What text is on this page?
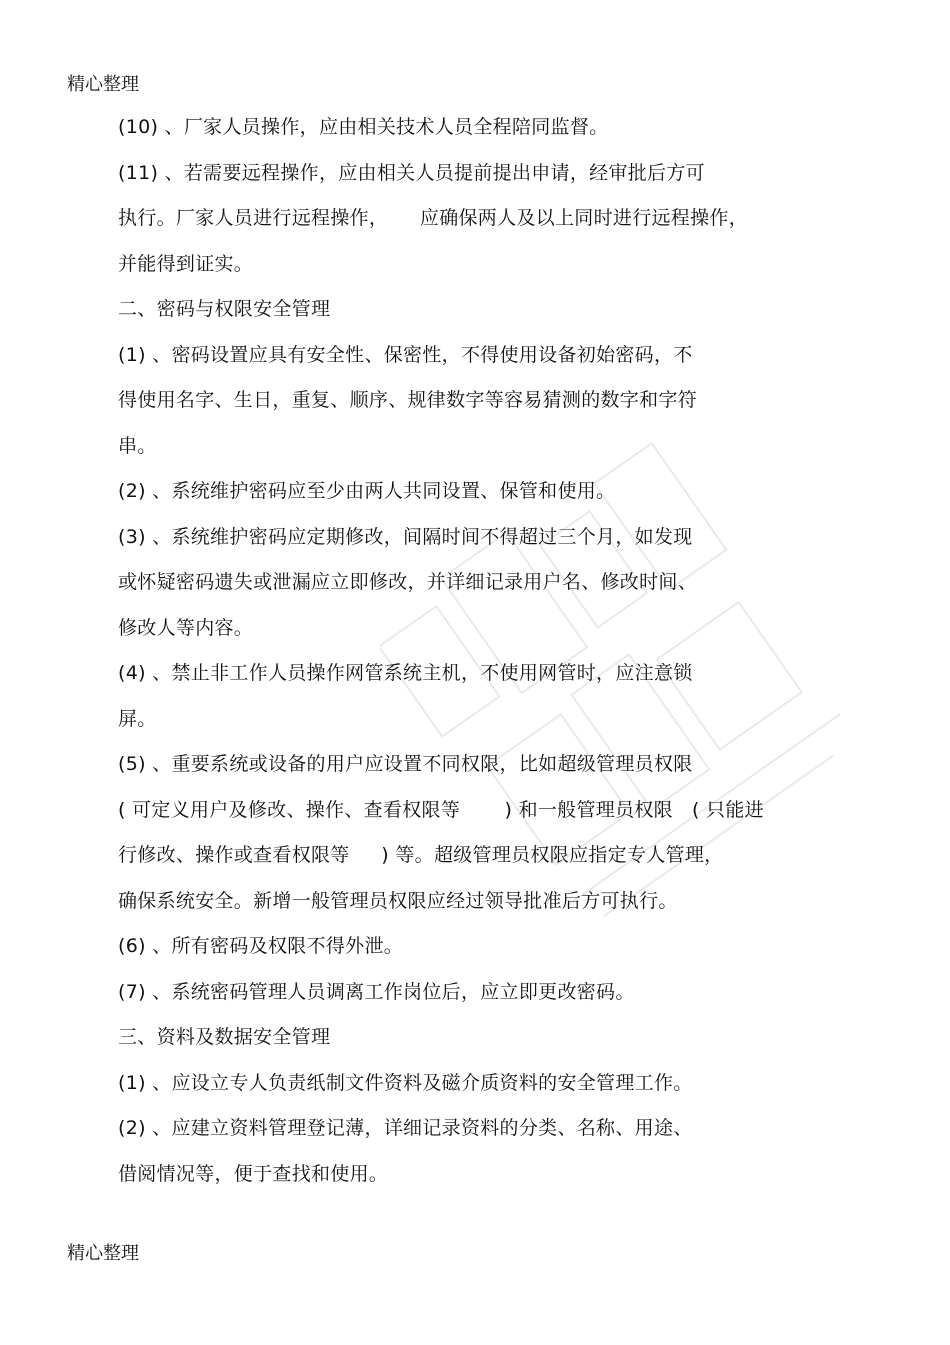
精心整理
(10) 、厂家人员操作，应由相关技术人员全程陪同监督。
(11) 、若需要远程操作，应由相关人员提前提出申请，经审批后方可
执行。厂家人员进行远程操作，     应确保两人及以上同时进行远程操作，
并能得到证实。
二、密码与权限安全管理
(1) 、密码设置应具有安全性、保密性，不得使用设备初始密码，不
得使用名字、生日，重复、顺序、规律数字等容易猜测的数字和字符
串。
(2) 、系统维护密码应至少由两人共同设置、保管和使用。
(3) 、系统维护密码应定期修改，间隔时间不得超过三个月，如发现
或怀疑密码遗失或泄漏应立即修改，并详细记录用户名、修改时间、
修改人等内容。
(4) 、禁止非工作人员操作网管系统主机，不使用网管时，应注意锁
屏。
(5) 、重要系统或设备的用户应设置不同权限，比如超级管理员权限
( 可定义用户及修改、操作、查看权限等       ) 和一般管理员权限   ( 只能进
行修改、操作或查看权限等     ) 等。超级管理员权限应指定专人管理，
确保系统安全。新增一般管理员权限应经过领导批准后方可执行。
(6) 、所有密码及权限不得外泄。
(7) 、系统密码管理人员调离工作岗位后，应立即更改密码。
三、资料及数据安全管理
(1) 、应设立专人负责纸制文件资料及磁介质资料的安全管理工作。
(2) 、应建立资料管理登记薄，详细记录资料的分类、名称、用途、
借阅情况等，便于查找和使用。
精心整理
